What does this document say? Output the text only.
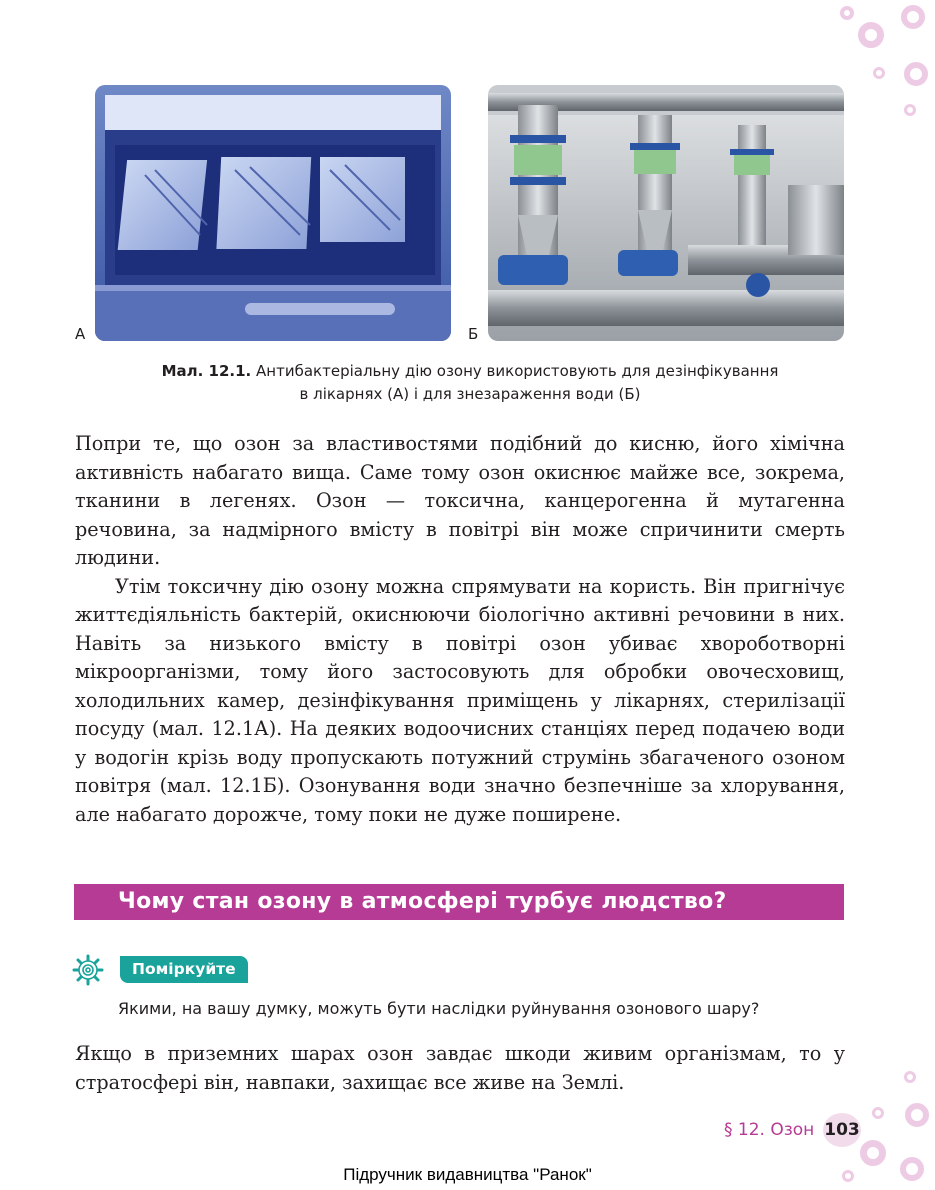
А	Б
Мал. 12.1. Антибактеріальну дію озону використовують для дезінфікування
в лікарнях (А) і для знезараження води (Б)

Попри те, що озон за властивостями подібний до кисню, його хімічна активність набагато вища. Саме тому озон окиснює майже все, зокрема, тканини в легенях. Озон — токсична, канцерогенна й мутагенна речовина, за надмірного вмісту в повітрі він може спричинити смерть людини.

Утім токсичну дію озону можна спрямувати на користь. Він пригнічує життєдіяльність бактерій, окиснюючи біологічно активні речовини в них. Навіть за низького вмісту в повітрі озон убиває хвороботворні мікроорганізми, тому його застосовують для обробки овочесховищ, холодильних камер, дезінфікування приміщень у лікарнях, стерилізації посуду (мал. 12.1А). На деяких водоочисних станціях перед подачею води у водогін крізь воду пропускають потужний струмінь збагаченого озоном повітря (мал. 12.1Б). Озонування води значно безпечніше за хлорування, але набагато дорожче, тому поки не дуже поширене.

Чому стан озону в атмосфері турбує людство?
Поміркуйте
Якими, на вашу думку, можуть бути наслідки руйнування озонового шару?

Якщо в приземних шарах озон завдає шкоди живим організмам, то у стратосфері він, навпаки, захищає все живе на Землі.

§ 12. Озон 103
Підручник видавництва "Ранок"
